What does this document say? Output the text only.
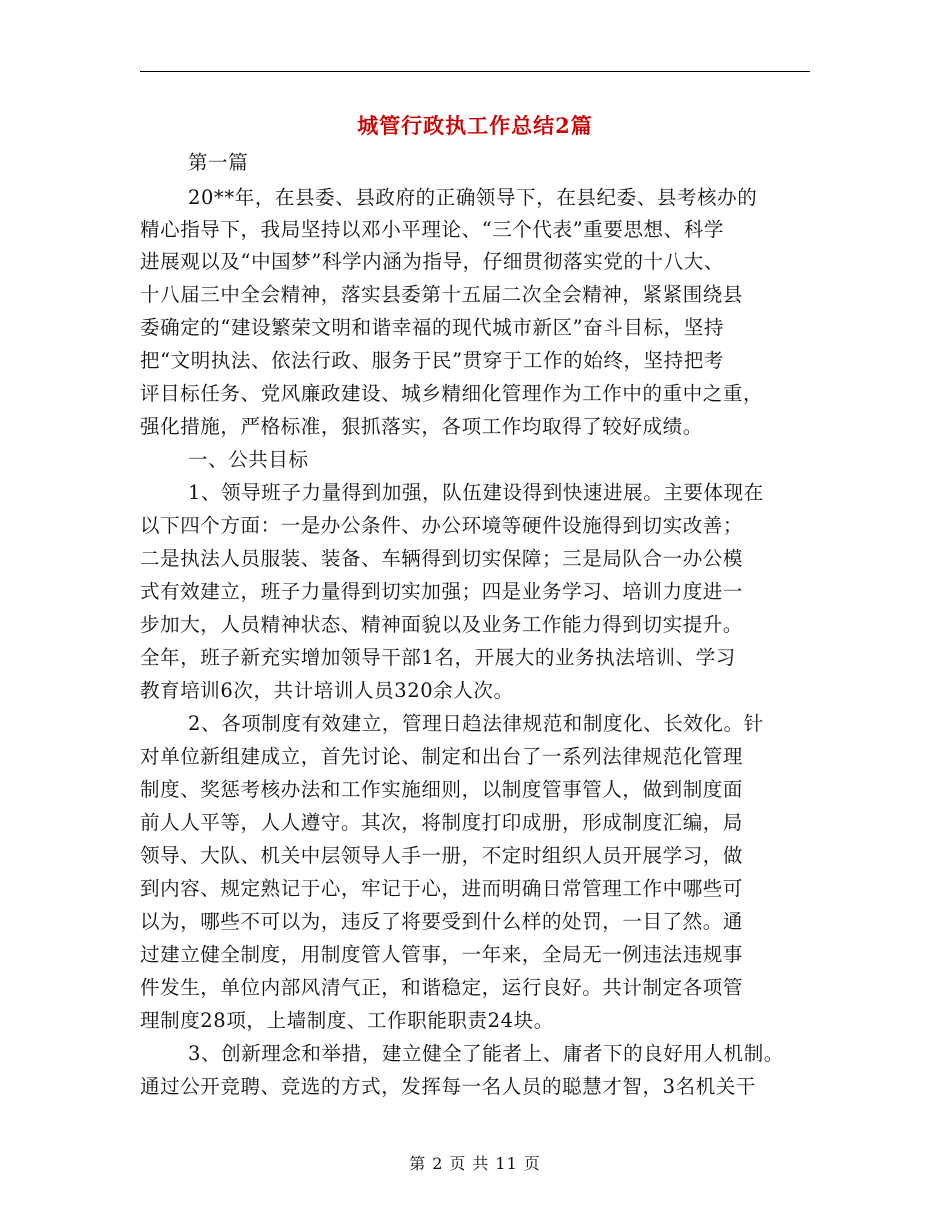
城管行政执工作总结2篇
第一篇
20**年，在县委、县政府的正确领导下，在县纪委、县考核办的
精心指导下，我局坚持以邓小平理论、“三个代表”重要思想、科学
进展观以及“中国梦”科学内涵为指导，仔细贯彻落实党的十八大、
十八届三中全会精神，落实县委第十五届二次全会精神，紧紧围绕县
委确定的“建设繁荣文明和谐幸福的现代城市新区”奋斗目标，坚持
把“文明执法、依法行政、服务于民”贯穿于工作的始终，坚持把考
评目标任务、党风廉政建设、城乡精细化管理作为工作中的重中之重，
强化措施，严格标准，狠抓落实，各项工作均取得了较好成绩。
一、公共目标
1、领导班子力量得到加强，队伍建设得到快速进展。主要体现在
以下四个方面：一是办公条件、办公环境等硬件设施得到切实改善；
二是执法人员服装、装备、车辆得到切实保障；三是局队合一办公模
式有效建立，班子力量得到切实加强；四是业务学习、培训力度进一
步加大，人员精神状态、精神面貌以及业务工作能力得到切实提升。
全年，班子新充实增加领导干部1名，开展大的业务执法培训、学习
教育培训6次，共计培训人员320余人次。
2、各项制度有效建立，管理日趋法律规范和制度化、长效化。针
对单位新组建成立，首先讨论、制定和出台了一系列法律规范化管理
制度、奖惩考核办法和工作实施细则，以制度管事管人，做到制度面
前人人平等，人人遵守。其次，将制度打印成册，形成制度汇编，局
领导、大队、机关中层领导人手一册，不定时组织人员开展学习，做
到内容、规定熟记于心，牢记于心，进而明确日常管理工作中哪些可
以为，哪些不可以为，违反了将要受到什么样的处罚，一目了然。通
过建立健全制度，用制度管人管事，一年来，全局无一例违法违规事
件发生，单位内部风清气正，和谐稳定，运行良好。共计制定各项管
理制度28项，上墙制度、工作职能职责24块。
3、创新理念和举措，建立健全了能者上、庸者下的良好用人机制。
通过公开竞聘、竞选的方式，发挥每一名人员的聪慧才智，3名机关干
第 2 页 共 11 页
